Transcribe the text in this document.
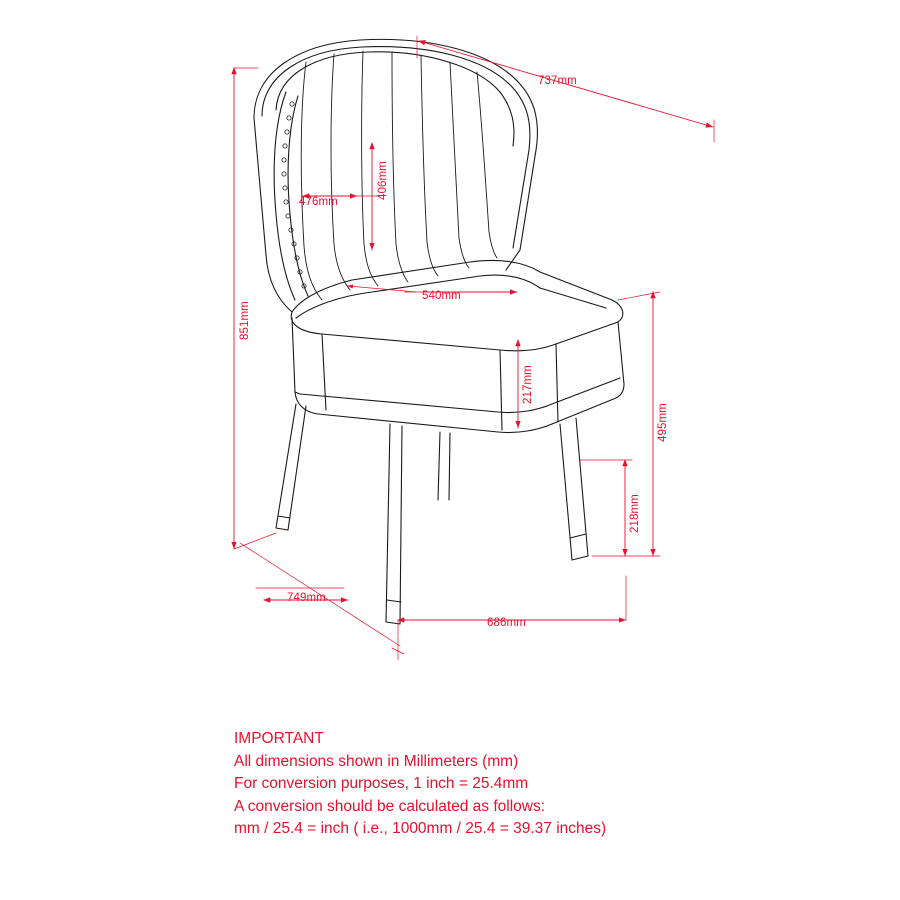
737mm
406mm
476mm
851mm
540mm
217mm
495mm
218mm
749mm
686mm
IMPORTANT
All dimensions shown in Millimeters (mm)
For conversion purposes, 1 inch = 25.4mm
A conversion should be calculated as follows:
mm / 25.4 = inch ( i.e., 1000mm / 25.4 = 39.37 inches)
